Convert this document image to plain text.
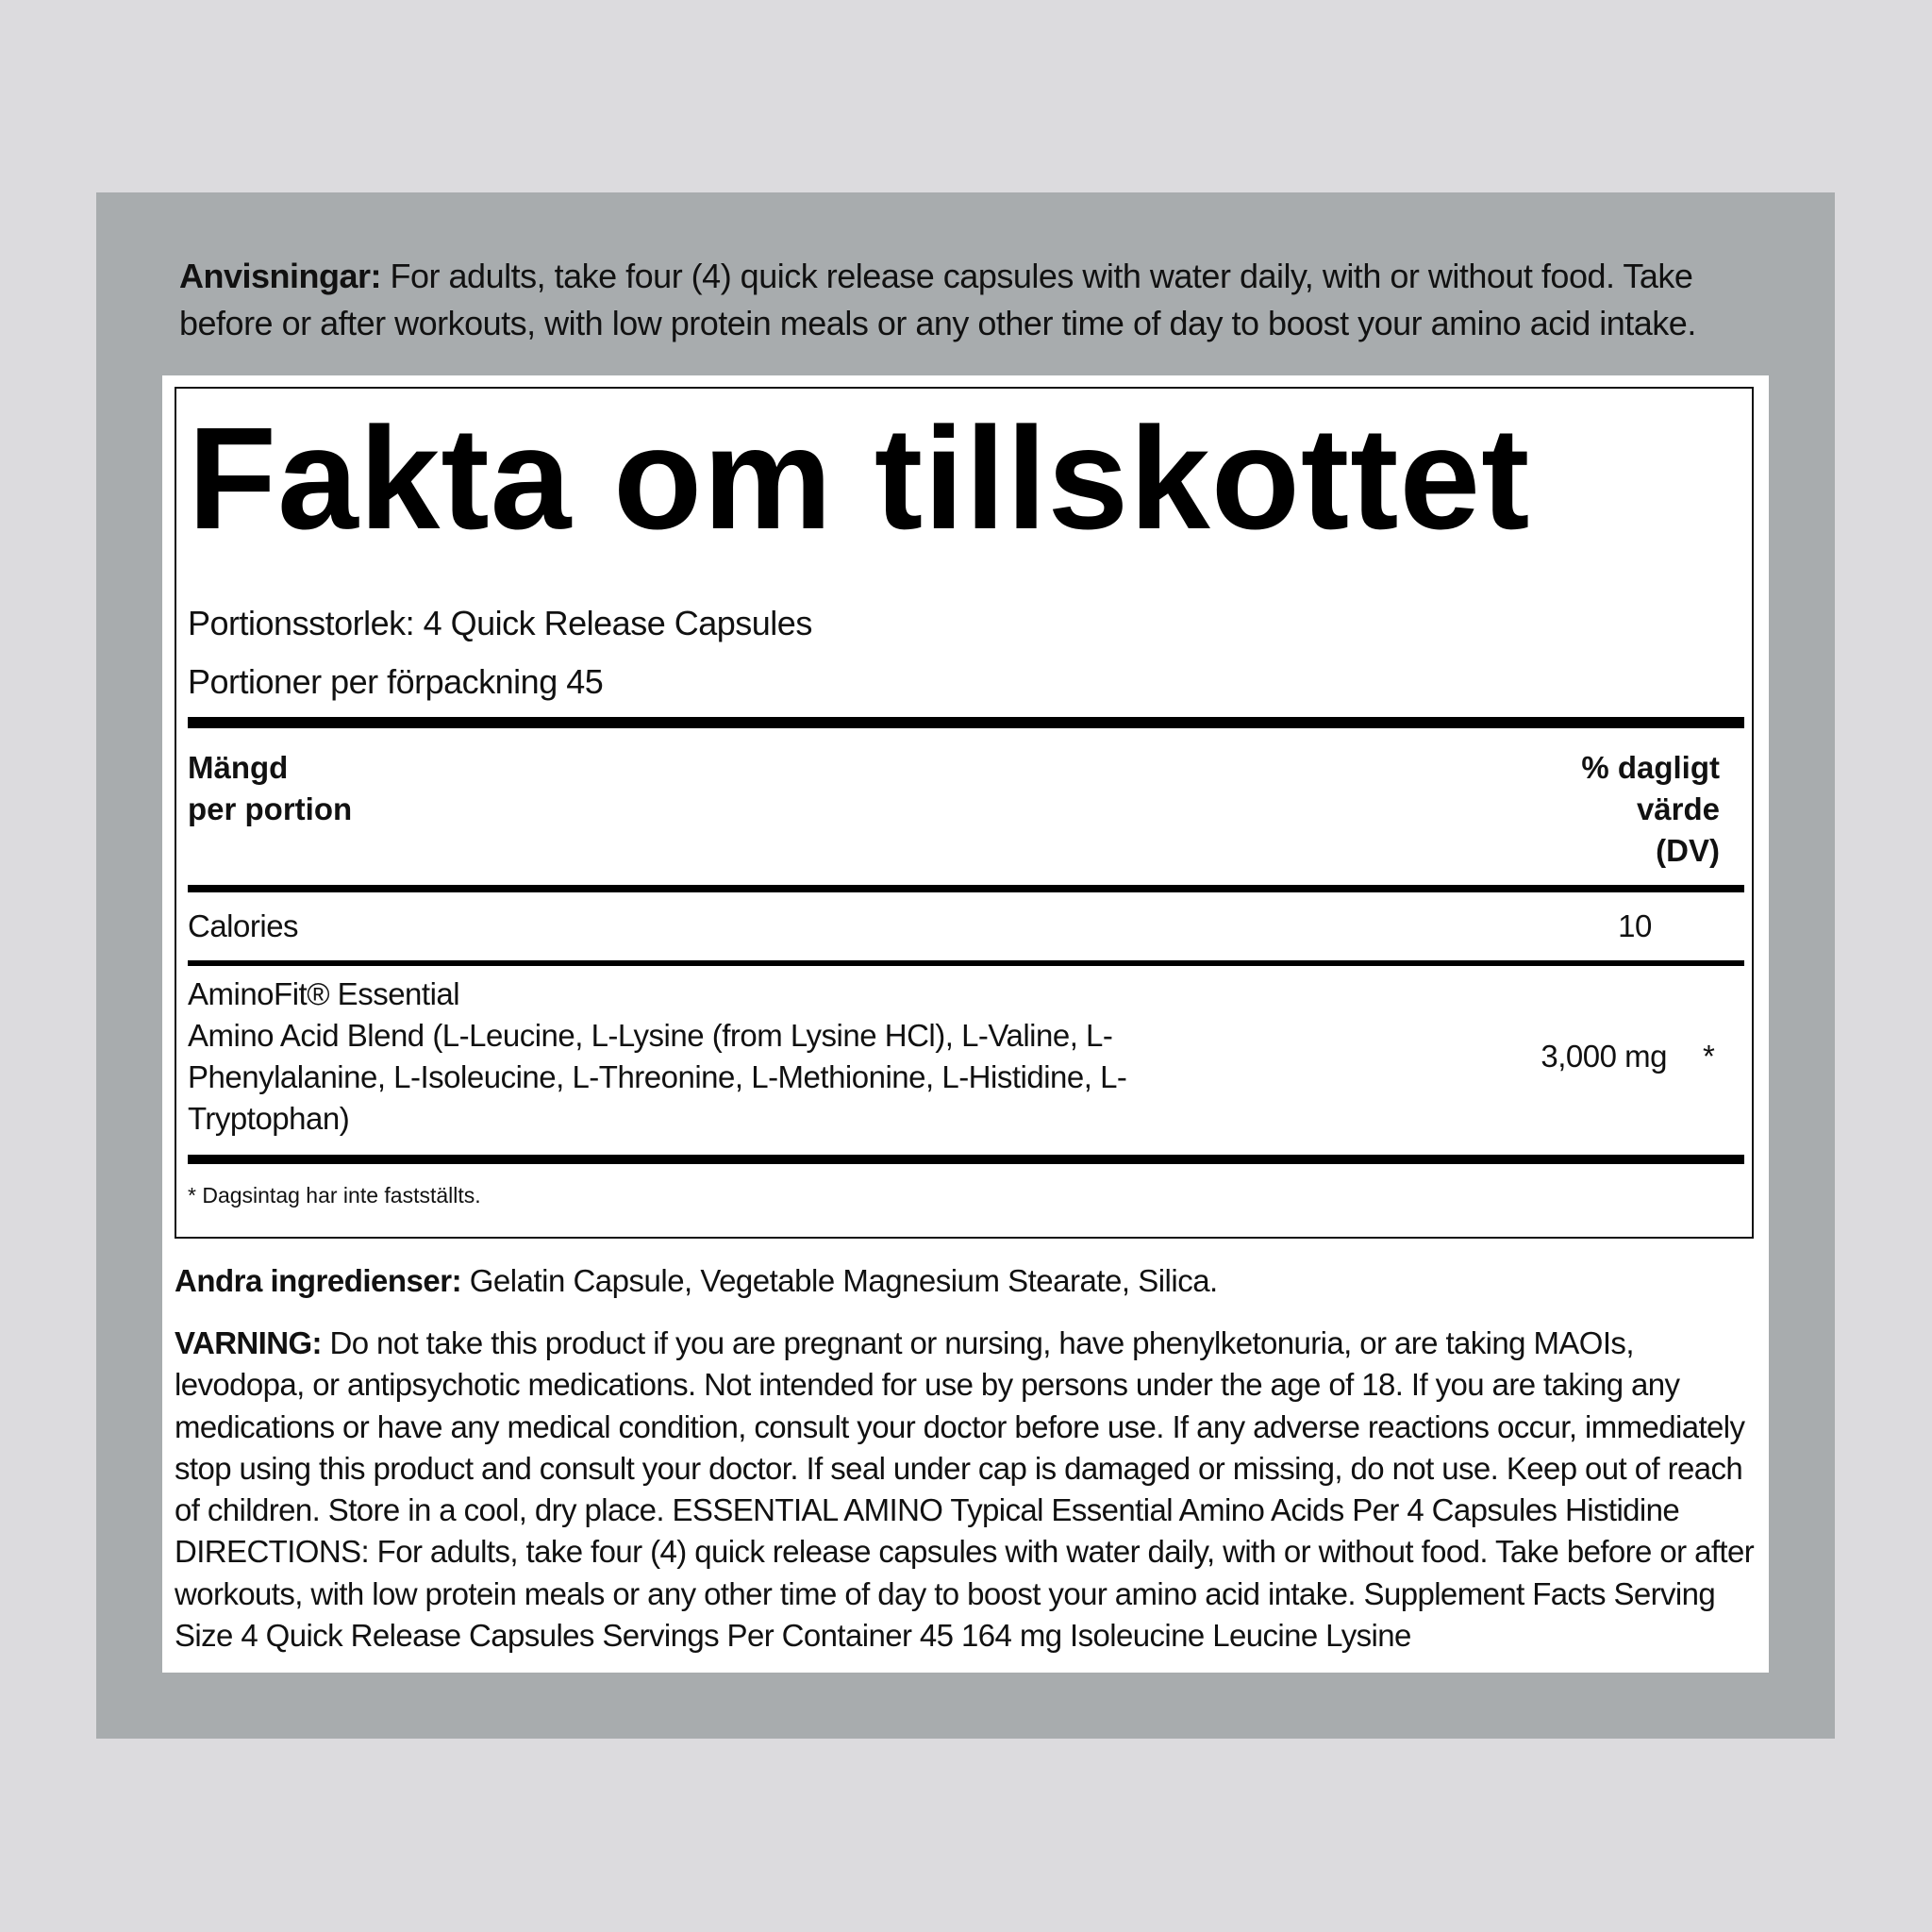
Anvisningar: For adults, take four (4) quick release capsules with water daily, with or without food. Take before or after workouts, with low protein meals or any other time of day to boost your amino acid intake.
Fakta om tillskottet
Portionsstorlek: 4 Quick Release Capsules
Portioner per förpackning 45
Mängd
per portion
% dagligt
värde
(DV)
Calories	10
AminoFit® Essential
Amino Acid Blend (L-Leucine, L-Lysine (from Lysine HCl), L-Valine, L-Phenylalanine, L-Isoleucine, L-Threonine, L-Methionine, L-Histidine, L-Tryptophan)
3,000 mg *
* Dagsintag har inte fastställts.
Andra ingredienser: Gelatin Capsule, Vegetable Magnesium Stearate, Silica.
VARNING: Do not take this product if you are pregnant or nursing, have phenylketonuria, or are taking MAOIs, levodopa, or antipsychotic medications. Not intended for use by persons under the age of 18. If you are taking any medications or have any medical condition, consult your doctor before use. If any adverse reactions occur, immediately stop using this product and consult your doctor. If seal under cap is damaged or missing, do not use. Keep out of reach of children. Store in a cool, dry place. ESSENTIAL AMINO Typical Essential Amino Acids Per 4 Capsules Histidine DIRECTIONS: For adults, take four (4) quick release capsules with water daily, with or without food. Take before or after workouts, with low protein meals or any other time of day to boost your amino acid intake. Supplement Facts Serving Size 4 Quick Release Capsules Servings Per Container 45 164 mg Isoleucine Leucine Lysine
